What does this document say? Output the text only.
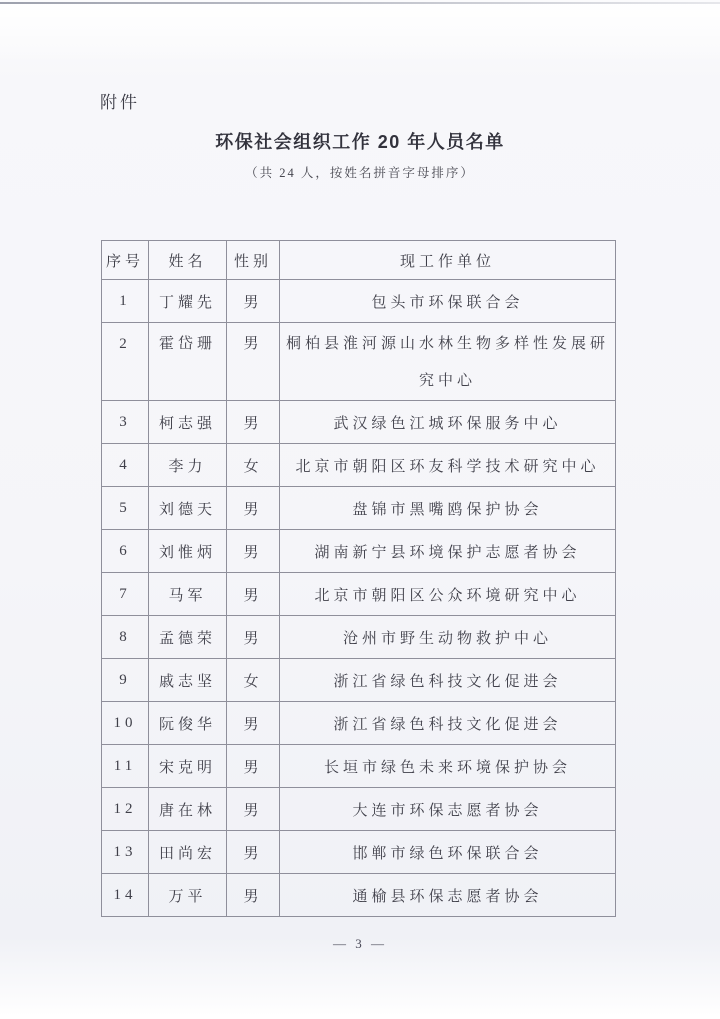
附件
环保社会组织工作 20 年人员名单
（共 24 人，按姓名拼音字母排序）
序号	姓名	性别	现工作单位
1	丁耀先	男	包头市环保联合会
2	霍岱珊	男	桐柏县淮河源山水林生物多样性发展研究中心
3	柯志强	男	武汉绿色江城环保服务中心
4	李力	女	北京市朝阳区环友科学技术研究中心
5	刘德天	男	盘锦市黑嘴鸥保护协会
6	刘惟炳	男	湖南新宁县环境保护志愿者协会
7	马军	男	北京市朝阳区公众环境研究中心
8	孟德荣	男	沧州市野生动物救护中心
9	戚志坚	女	浙江省绿色科技文化促进会
10	阮俊华	男	浙江省绿色科技文化促进会
11	宋克明	男	长垣市绿色未来环境保护协会
12	唐在林	男	大连市环保志愿者协会
13	田尚宏	男	邯郸市绿色环保联合会
14	万平	男	通榆县环保志愿者协会
— 3 —
